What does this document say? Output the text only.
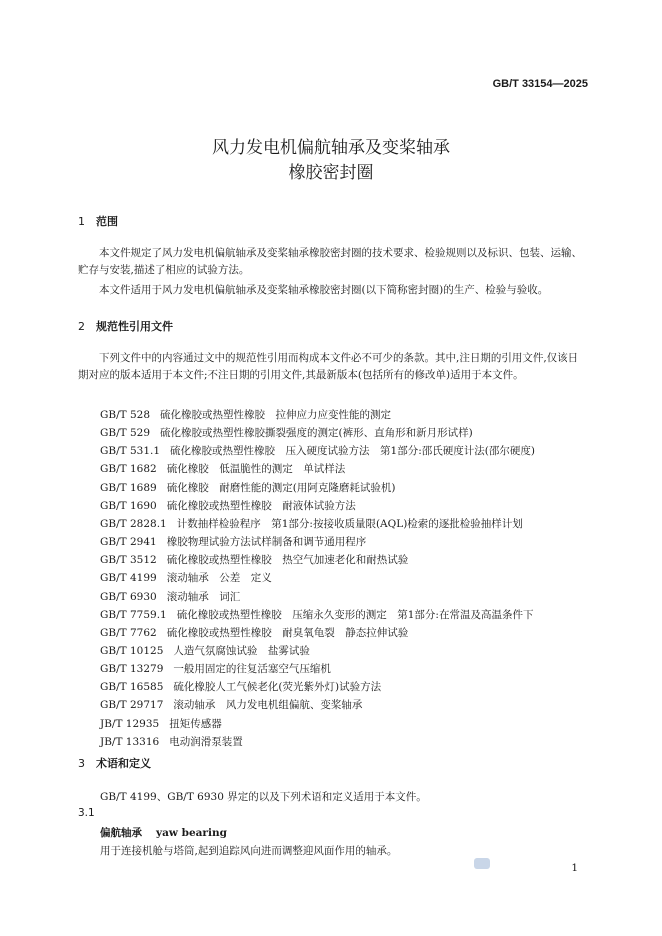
GB/T 33154—2025
风力发电机偏航轴承及变桨轴承
橡胶密封圈
1 范围
本文件规定了风力发电机偏航轴承及变桨轴承橡胶密封圈的技术要求、检验规则以及标识、包装、运输、贮存与安装,描述了相应的试验方法。
本文件适用于风力发电机偏航轴承及变桨轴承橡胶密封圈(以下简称密封圈)的生产、检验与验收。
2 规范性引用文件
下列文件中的内容通过文中的规范性引用而构成本文件必不可少的条款。其中,注日期的引用文件,仅该日期对应的版本适用于本文件;不注日期的引用文件,其最新版本(包括所有的修改单)适用于本文件。
GB/T 528 硫化橡胶或热塑性橡胶　拉伸应力应变性能的测定
GB/T 529 硫化橡胶或热塑性橡胶撕裂强度的测定(裤形、直角形和新月形试样)
GB/T 531.1 硫化橡胶或热塑性橡胶　压入硬度试验方法　第1部分:邵氏硬度计法(邵尔硬度)
GB/T 1682 硫化橡胶　低温脆性的测定　单试样法
GB/T 1689 硫化橡胶　耐磨性能的测定(用阿克隆磨耗试验机)
GB/T 1690 硫化橡胶或热塑性橡胶　耐液体试验方法
GB/T 2828.1 计数抽样检验程序　第1部分:按接收质量限(AQL)检索的逐批检验抽样计划
GB/T 2941 橡胶物理试验方法试样制备和调节通用程序
GB/T 3512 硫化橡胶或热塑性橡胶　热空气加速老化和耐热试验
GB/T 4199 滚动轴承　公差　定义
GB/T 6930 滚动轴承　词汇
GB/T 7759.1 硫化橡胶或热塑性橡胶　压缩永久变形的测定　第1部分:在常温及高温条件下
GB/T 7762 硫化橡胶或热塑性橡胶　耐臭氧龟裂　静态拉伸试验
GB/T 10125 人造气氛腐蚀试验　盐雾试验
GB/T 13279 一般用固定的往复活塞空气压缩机
GB/T 16585 硫化橡胶人工气候老化(荧光紫外灯)试验方法
GB/T 29717 滚动轴承　风力发电机组偏航、变桨轴承
JB/T 12935 扭矩传感器
JB/T 13316 电动润滑泵装置
3 术语和定义
GB/T 4199、GB/T 6930 界定的以及下列术语和定义适用于本文件。
3.1
偏航轴承 yaw bearing
用于连接机舱与塔筒,起到追踪风向进而调整迎风面作用的轴承。
1
